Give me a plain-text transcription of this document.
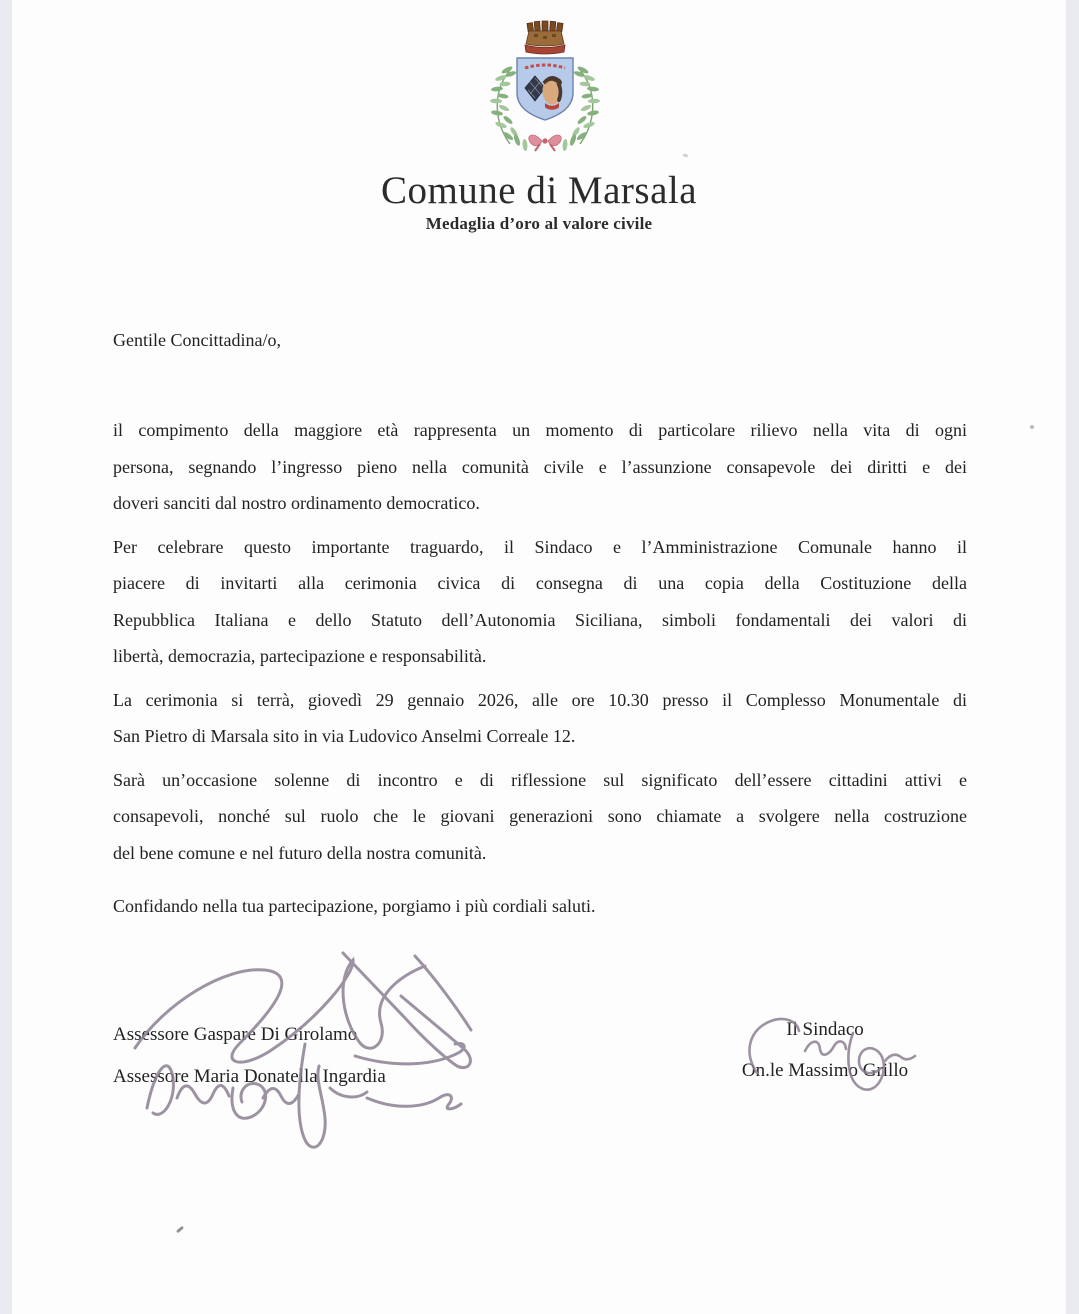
Comune di Marsala
Medaglia d’oro al valore civile
Gentile Concittadina/o,
il compimento della maggiore età rappresenta un momento di particolare rilievo nella vita di ogni
persona, segnando l’ingresso pieno nella comunità civile e l’assunzione consapevole dei diritti e dei
doveri sanciti dal nostro ordinamento democratico.
Per celebrare questo importante traguardo, il Sindaco e l’Amministrazione Comunale hanno il
piacere di invitarti alla cerimonia civica di consegna di una copia della Costituzione della
Repubblica Italiana e dello Statuto dell’Autonomia Siciliana, simboli fondamentali dei valori di
libertà, democrazia, partecipazione e responsabilità.
La cerimonia si terrà, giovedì 29 gennaio 2026, alle ore 10.30 presso il Complesso Monumentale di
San Pietro di Marsala sito in via Ludovico Anselmi Correale 12.
Sarà un’occasione solenne di incontro e di riflessione sul significato dell’essere cittadini attivi e
consapevoli, nonché sul ruolo che le giovani generazioni sono chiamate a svolgere nella costruzione
del bene comune e nel futuro della nostra comunità.
Confidando nella tua partecipazione, porgiamo i più cordiali saluti.
Assessore Gaspare Di Girolamo
Assessore Maria Donatella Ingardia
Il Sindaco
On.le Massimo Grillo
